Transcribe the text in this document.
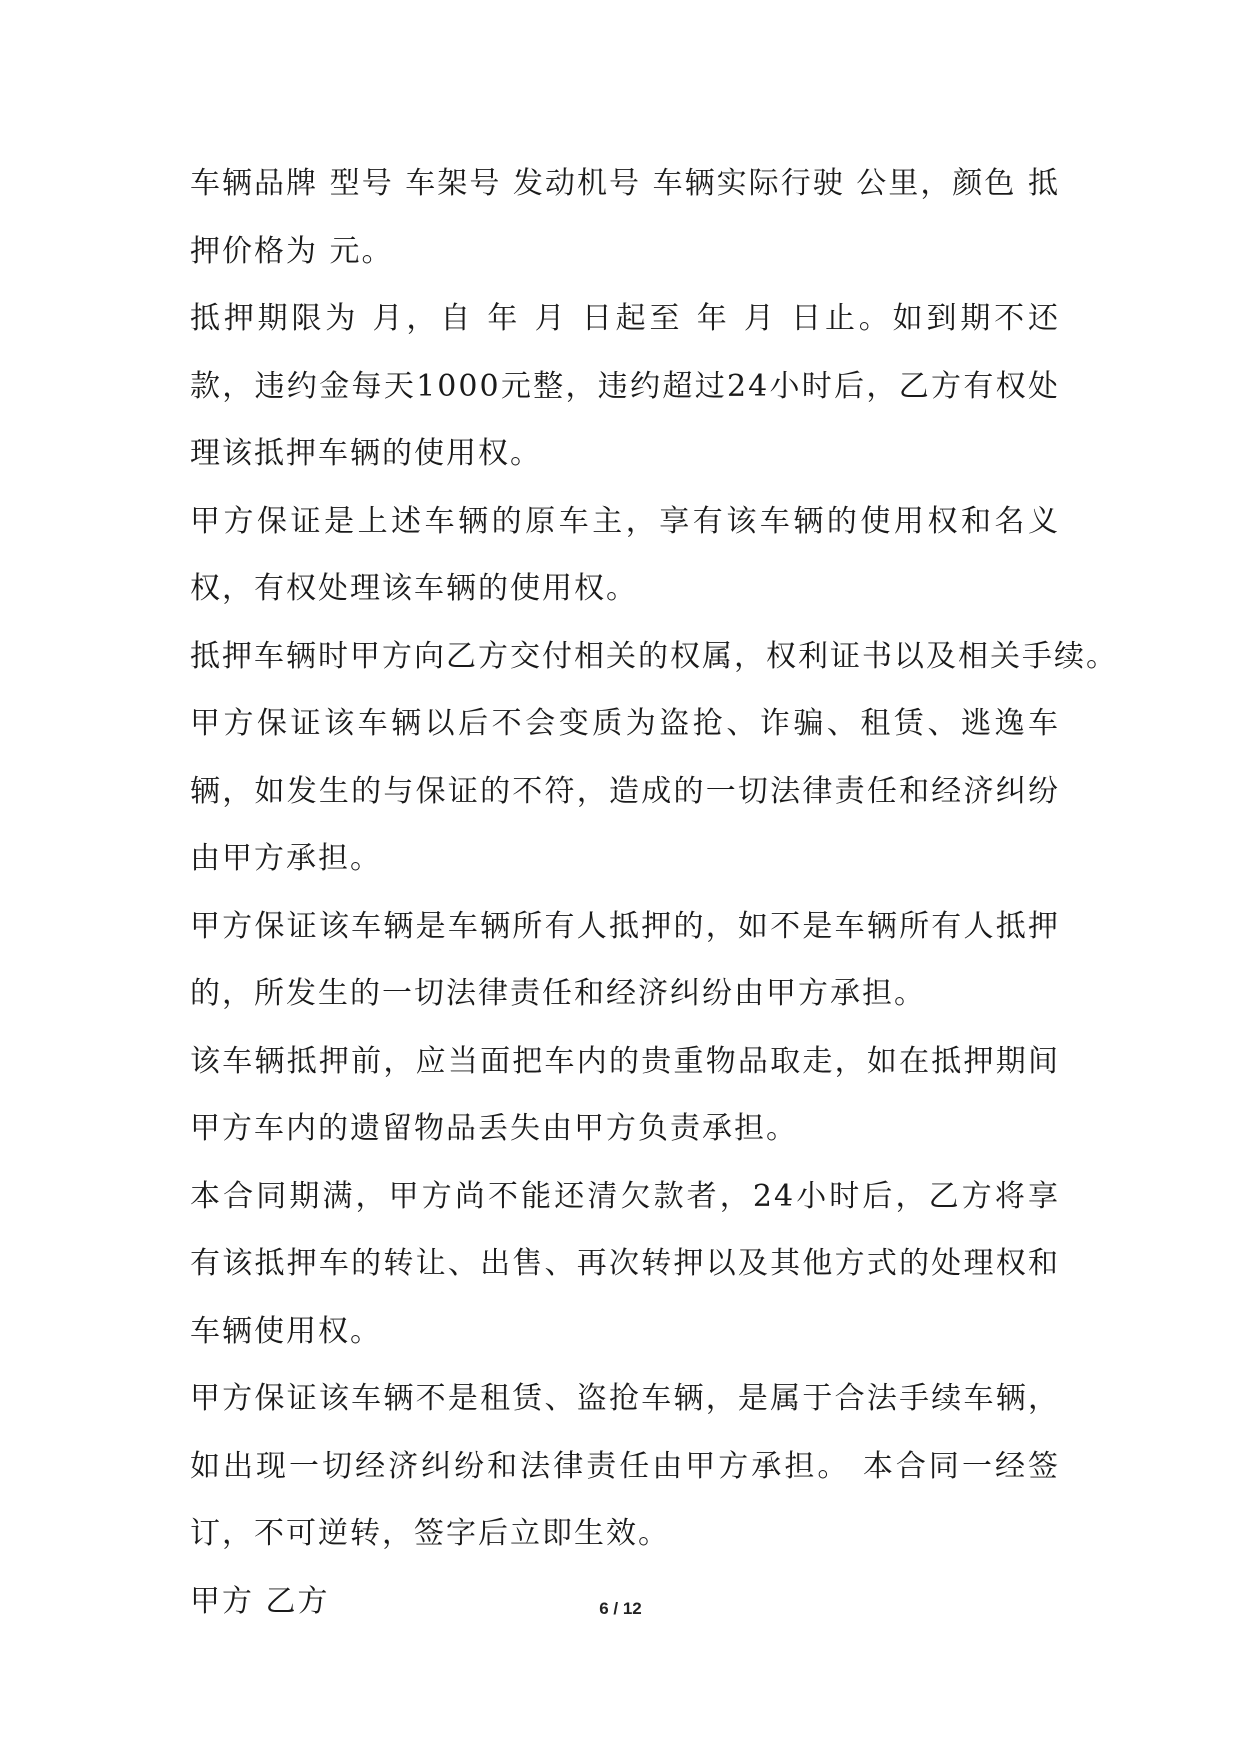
车辆品牌 型号 车架号 发动机号 车辆实际行驶 公里，颜色 抵押价格为 元。

抵押期限为 月，自 年 月 日起至 年 月 日止。如到期不还款，违约金每天1000元整，违约超过24小时后，乙方有权处理该抵押车辆的使用权。

甲方保证是上述车辆的原车主，享有该车辆的使用权和名义权，有权处理该车辆的使用权。

抵押车辆时甲方向乙方交付相关的权属，权利证书以及相关手续。

甲方保证该车辆以后不会变质为盗抢、诈骗、租赁、逃逸车辆，如发生的与保证的不符，造成的一切法律责任和经济纠纷由甲方承担。

甲方保证该车辆是车辆所有人抵押的，如不是车辆所有人抵押的，所发生的一切法律责任和经济纠纷由甲方承担。

该车辆抵押前，应当面把车内的贵重物品取走，如在抵押期间甲方车内的遗留物品丢失由甲方负责承担。

本合同期满，甲方尚不能还清欠款者，24小时后，乙方将享有该抵押车的转让、出售、再次转押以及其他方式的处理权和车辆使用权。

甲方保证该车辆不是租赁、盗抢车辆，是属于合法手续车辆，如出现一切经济纠纷和法律责任由甲方承担。 本合同一经签订，不可逆转，签字后立即生效。

甲方 乙方	6 / 12
